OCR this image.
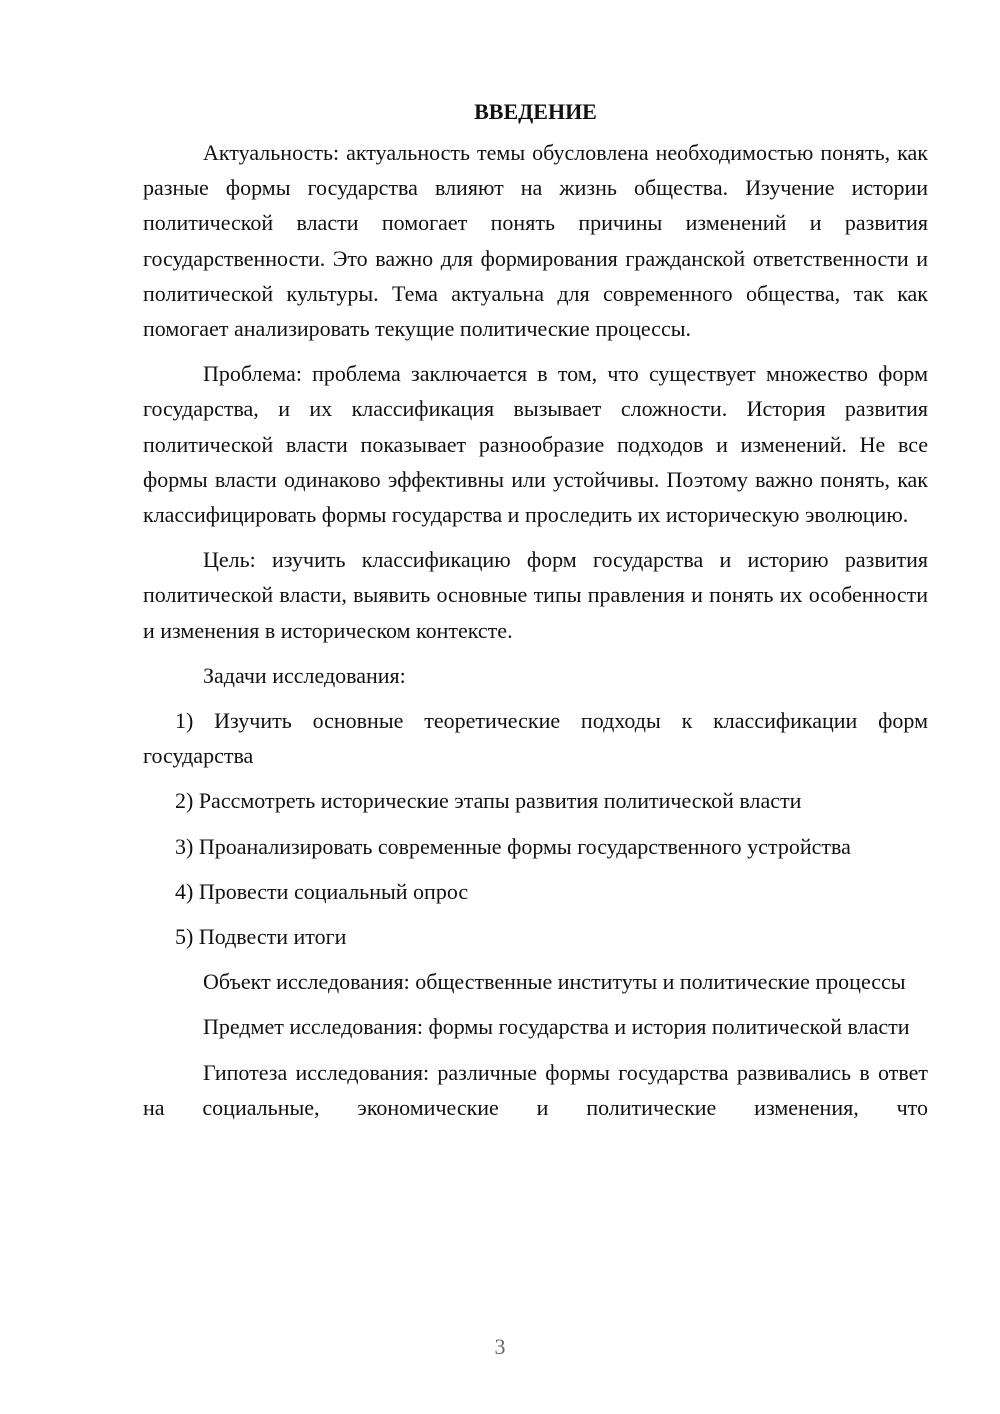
ВВЕДЕНИЕ

Актуальность: актуальность темы обусловлена необходимостью понять, как разные формы государства влияют на жизнь общества. Изучение истории политической власти помогает понять причины изменений и развития государственности. Это важно для формирования гражданской ответственности и политической культуры. Тема актуальна для современного общества, так как помогает анализировать текущие политические процессы.

Проблема: проблема заключается в том, что существует множество форм государства, и их классификация вызывает сложности. История развития политической власти показывает разнообразие подходов и изменений. Не все формы власти одинаково эффективны или устойчивы. Поэтому важно понять, как классифицировать формы государства и проследить их историческую эволюцию.

Цель: изучить классификацию форм государства и историю развития политической власти, выявить основные типы правления и понять их особенности и изменения в историческом контексте.

Задачи исследования:

1) Изучить основные теоретические подходы к классификации форм государства

2) Рассмотреть исторические этапы развития политической власти

3) Проанализировать современные формы государственного устройства

4) Провести социальный опрос

5) Подвести итоги

Объект исследования: общественные институты и политические процессы

Предмет исследования: формы государства и история политической власти

Гипотеза исследования: различные формы государства развивались в ответ на социальные, экономические и политические изменения, что

3
